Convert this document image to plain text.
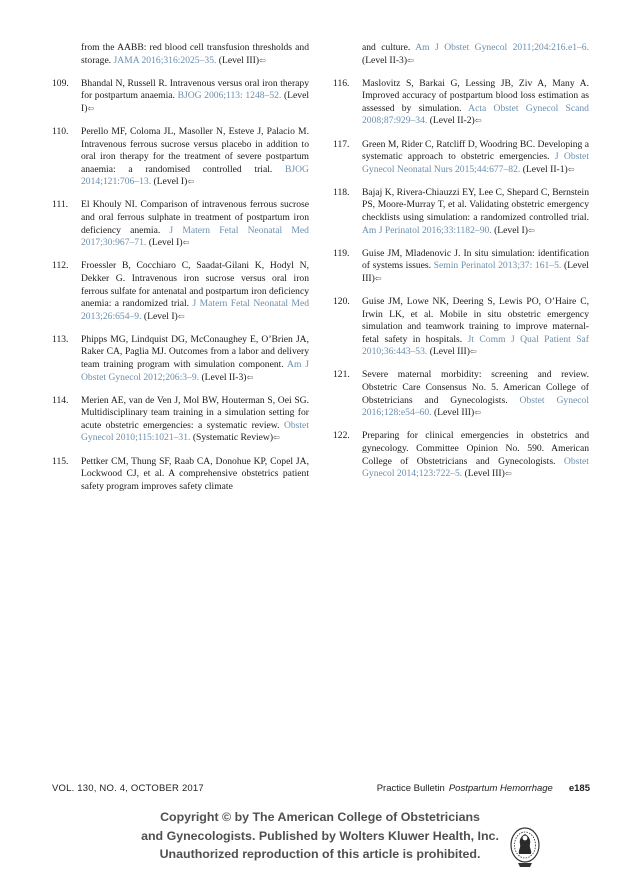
from the AABB: red blood cell transfusion thresholds and storage. JAMA 2016;316:2025–35. (Level III)⇦
109. Bhandal N, Russell R. Intravenous versus oral iron therapy for postpartum anaemia. BJOG 2006;113: 1248–52. (Level I)⇦
110. Perello MF, Coloma JL, Masoller N, Esteve J, Palacio M. Intravenous ferrous sucrose versus placebo in addition to oral iron therapy for the treatment of severe postpartum anaemia: a randomised controlled trial. BJOG 2014;121:706–13. (Level I)⇦
111. El Khouly NI. Comparison of intravenous ferrous sucrose and oral ferrous sulphate in treatment of postpartum iron deficiency anemia. J Matern Fetal Neonatal Med 2017;30:967–71. (Level I)⇦
112. Froessler B, Cocchiaro C, Saadat-Gilani K, Hodyl N, Dekker G. Intravenous iron sucrose versus oral iron ferrous sulfate for antenatal and postpartum iron deficiency anemia: a randomized trial. J Matern Fetal Neonatal Med 2013;26:654–9. (Level I)⇦
113. Phipps MG, Lindquist DG, McConaughey E, O’Brien JA, Raker CA, Paglia MJ. Outcomes from a labor and delivery team training program with simulation component. Am J Obstet Gynecol 2012;206:3–9. (Level II-3)⇦
114. Merien AE, van de Ven J, Mol BW, Houterman S, Oei SG. Multidisciplinary team training in a simulation setting for acute obstetric emergencies: a systematic review. Obstet Gynecol 2010;115:1021–31. (Systematic Review)⇦
115. Pettker CM, Thung SF, Raab CA, Donohue KP, Copel JA, Lockwood CJ, et al. A comprehensive obstetrics patient safety program improves safety climate
and culture. Am J Obstet Gynecol 2011;204:216.e1–6. (Level II-3)⇦
116. Maslovitz S, Barkai G, Lessing JB, Ziv A, Many A. Improved accuracy of postpartum blood loss estimation as assessed by simulation. Acta Obstet Gynecol Scand 2008;87:929–34. (Level II-2)⇦
117. Green M, Rider C, Ratcliff D, Woodring BC. Developing a systematic approach to obstetric emergencies. J Obstet Gynecol Neonatal Nurs 2015;44:677–82. (Level II-1)⇦
118. Bajaj K, Rivera-Chiauzzi EY, Lee C, Shepard C, Bernstein PS, Moore-Murray T, et al. Validating obstetric emergency checklists using simulation: a randomized controlled trial. Am J Perinatol 2016;33:1182–90. (Level I)⇦
119. Guise JM, Mladenovic J. In situ simulation: identification of systems issues. Semin Perinatol 2013;37: 161–5. (Level III)⇦
120. Guise JM, Lowe NK, Deering S, Lewis PO, O’Haire C, Irwin LK, et al. Mobile in situ obstetric emergency simulation and teamwork training to improve maternal-fetal safety in hospitals. Jt Comm J Qual Patient Saf 2010;36:443–53. (Level III)⇦
121. Severe maternal morbidity: screening and review. Obstetric Care Consensus No. 5. American College of Obstetricians and Gynecologists. Obstet Gynecol 2016;128:e54–60. (Level III)⇦
122. Preparing for clinical emergencies in obstetrics and gynecology. Committee Opinion No. 590. American College of Obstetricians and Gynecologists. Obstet Gynecol 2014;123:722–5. (Level III)⇦
VOL. 130, NO. 4, OCTOBER 2017	Practice Bulletin Postpartum Hemorrhage e185
Copyright © by The American College of Obstetricians
and Gynecologists. Published by Wolters Kluwer Health, Inc.
Unauthorized reproduction of this article is prohibited.
